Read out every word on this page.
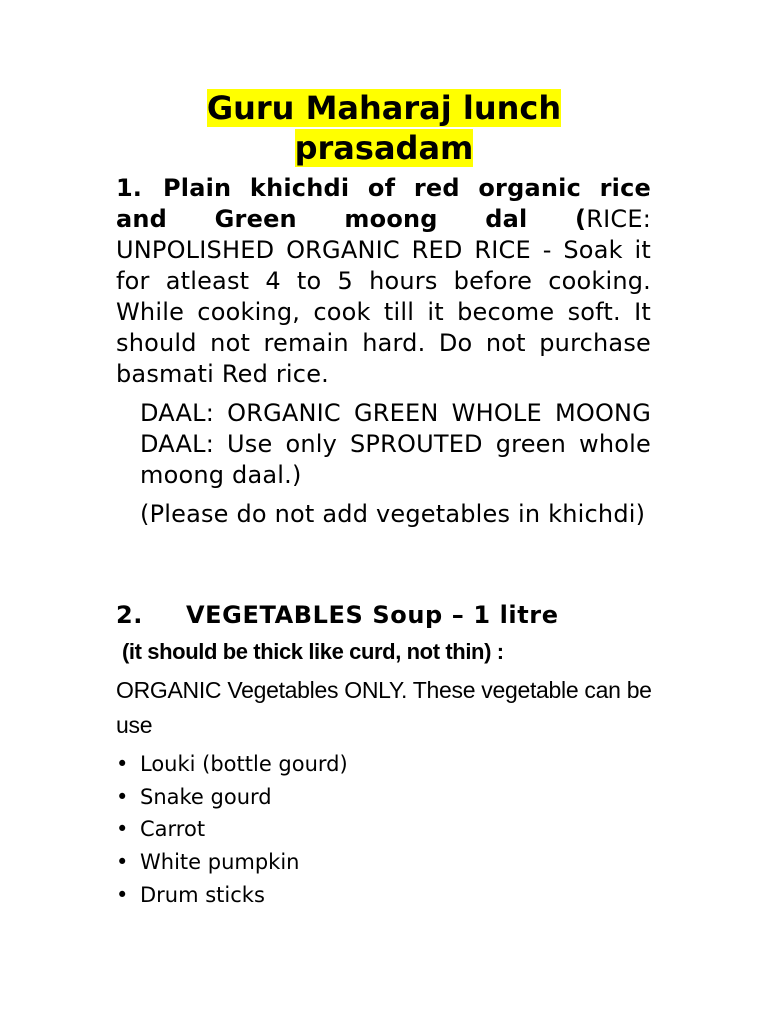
Guru Maharaj lunch
prasadam
1. Plain khichdi of red organic rice and Green moong dal (RICE: UNPOLISHED ORGANIC RED RICE - Soak it for atleast 4 to 5 hours before cooking. While cooking, cook till it become soft. It should not remain hard. Do not purchase basmati Red rice.

DAAL: ORGANIC GREEN WHOLE MOONG DAAL: Use only SPROUTED green whole moong daal.)

(Please do not add vegetables in khichdi)

2. VEGETABLES Soup – 1 litre
(it should be thick like curd, not thin) :
ORGANIC Vegetables ONLY. These vegetable can be use
• Louki (bottle gourd)
• Snake gourd
• Carrot
• White pumpkin
• Drum sticks
